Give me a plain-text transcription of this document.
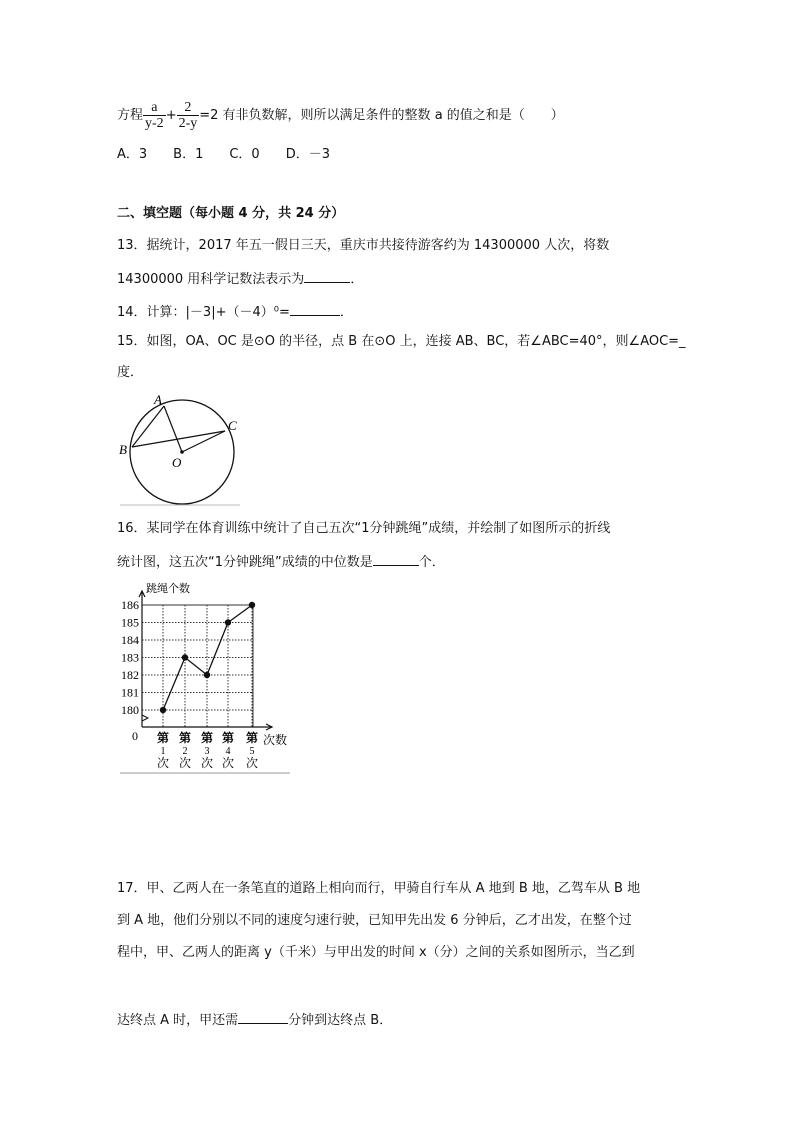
方程 $\frac{a}{y-2} + \frac{2}{2-y} =2$ 有非负数解，则所以满足条件的整数 a 的值之和是（　　）
A．3　　B．1　　C．0　　D．－3
二、填空题（每小题 4 分，共 24 分）
13．据统计，2017 年五一假日三天，重庆市共接待游客约为 14300000 人次，将数
14300000 用科学记数法表示为	．
14．计算：|－3|+（－4）⁰=	．
15．如图，OA、OC 是⊙O 的半径，点 B 在⊙O 上，连接 AB、BC，若∠ABC=40°，则∠AOC=_
度．
A
B
C
O
180
181
182
183
184
185
186
跳绳个数
次数
0 第
1
次
第
2
次
第
3
次
第
4
次
第
5
次
16．某同学在体育训练中统计了自己五次“1分钟跳绳”成绩，并绘制了如图所示的折线
统计图，这五次“1分钟跳绳”成绩的中位数是	个．
17．甲、乙两人在一条笔直的道路上相向而行，甲骑自行车从 A 地到 B 地，乙驾车从 B 地
到 A 地，他们分别以不同的速度匀速行驶，已知甲先出发 6 分钟后，乙才出发，在整个过
程中，甲、乙两人的距离 y（千米）与甲出发的时间 x（分）之间的关系如图所示，当乙到
达终点 A 时，甲还需	分钟到达终点 B．
